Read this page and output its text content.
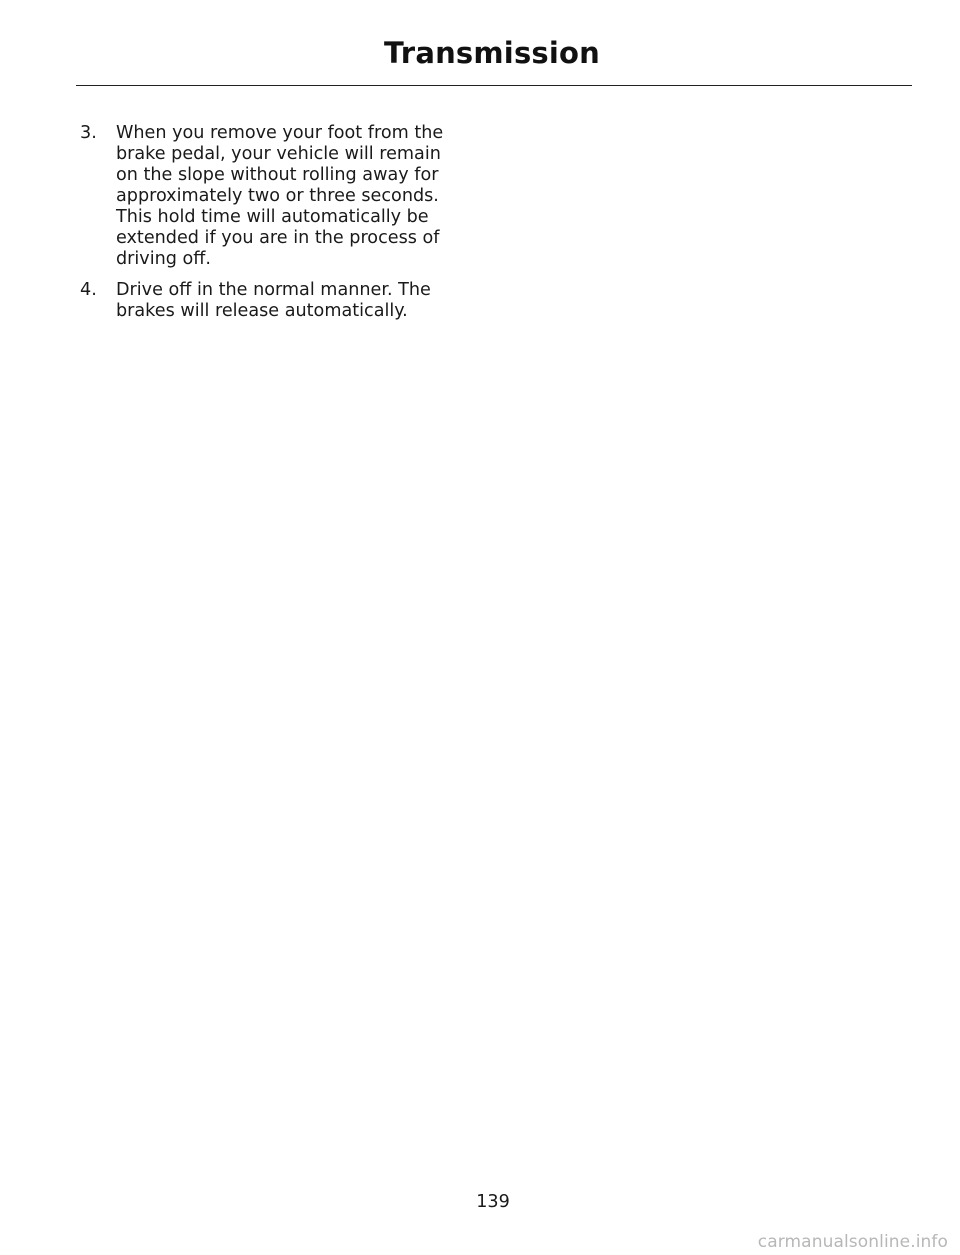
Transmission
3. When you remove your foot from the
brake pedal, your vehicle will remain
on the slope without rolling away for
approximately two or three seconds.
This hold time will automatically be
extended if you are in the process of
driving off.
4. Drive off in the normal manner. The
brakes will release automatically.
139
carmanualsonline.info
